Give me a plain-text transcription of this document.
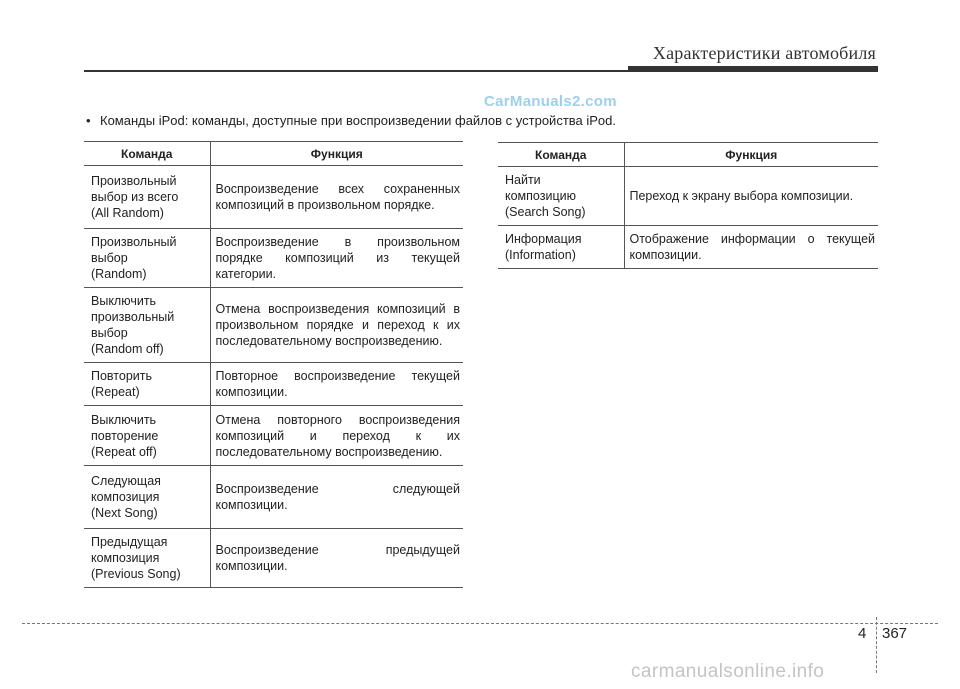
Характеристики автомобиля
CarManuals2.com
• Команды iPod: команды, доступные при воспроизведении файлов с устройства iPod.
Команда	Функция

Произвольный
выбор из всего
(All Random)	Воспроизведение всех сохраненных композиций в произвольном порядке.

Произвольный
выбор
(Random)	Воспроизведение в произвольном порядке композиций из текущей категории.

Выключить
произвольный
выбор
(Random off)	Отмена воспроизведения композиций в произвольном порядке и переход к их последовательному воспроизведению.

Повторить
(Repeat)	Повторное воспроизведение текущей композиции.

Выключить
повторение
(Repeat off)	Отмена повторного воспроизведения композиций и переход к их последовательному воспроизведению.

Следующая
композиция
(Next Song)	Воспроизведение следующей композиции.

Предыдущая
композиция
(Previous Song)	Воспроизведение предыдущей композиции.
Команда	Функция

Найти
композицию
(Search Song)	Переход к экрану выбора композиции.

Информация
(Information)	Отображение информации о текущей композиции.
4 367
carmanualsonline.info
